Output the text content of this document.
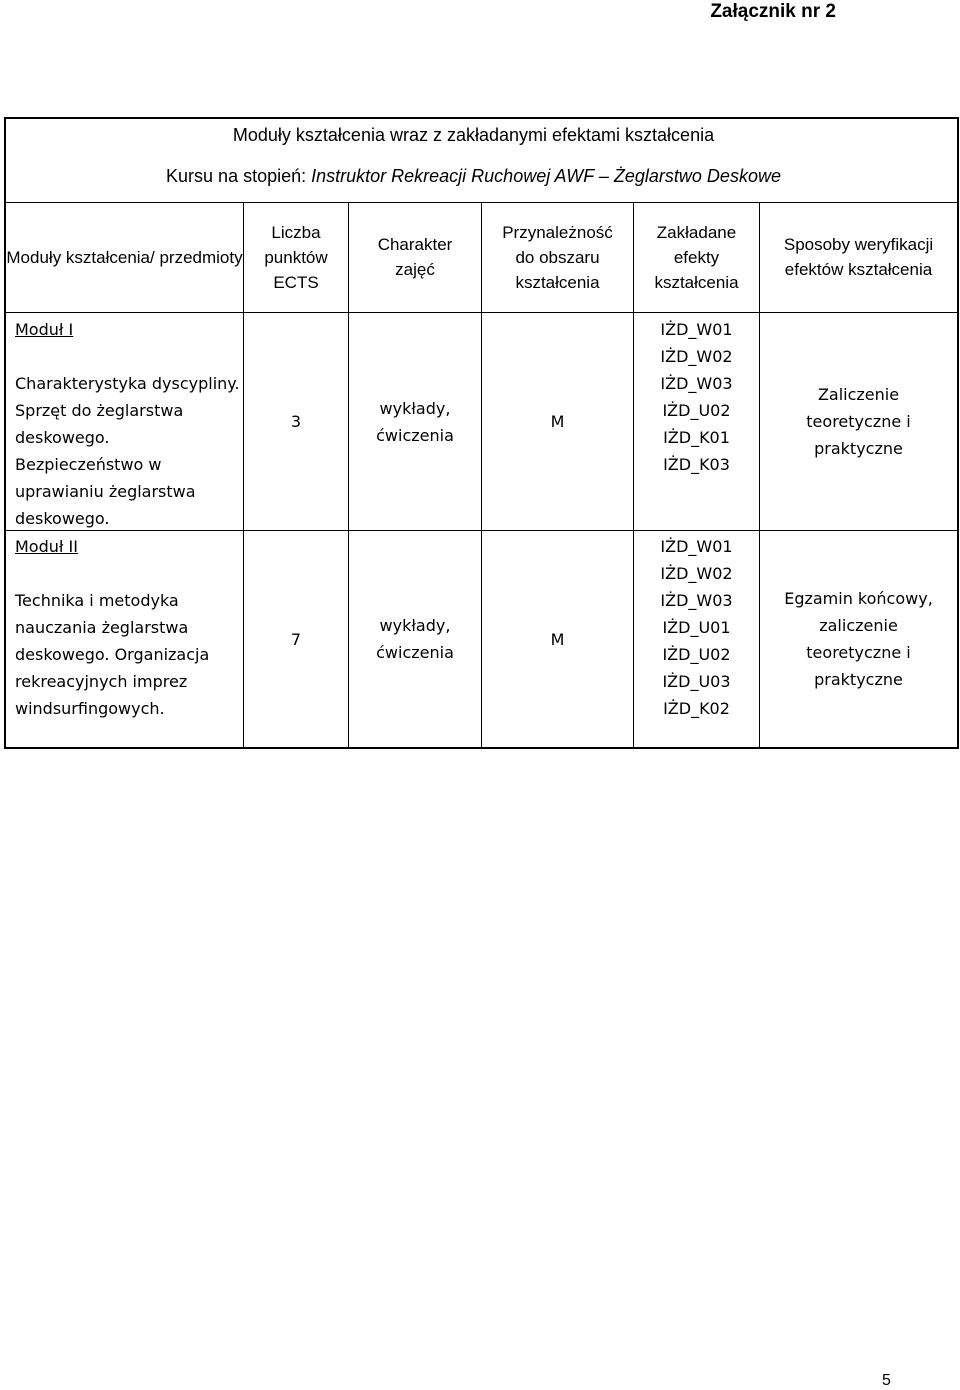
Załącznik nr 2
Moduły kształcenia wraz z zakładanymi efektami kształcenia
Kursu na stopień: Instruktor Rekreacji Ruchowej AWF – Żeglarstwo Deskowe
Moduły kształcenia/ przedmioty
Liczba punktów ECTS
Charakter zajęć
Przynależność do obszaru kształcenia
Zakładane efekty kształcenia
Sposoby weryfikacji efektów kształcenia
Moduł I
Charakterystyka dyscypliny. Sprzęt do żeglarstwa deskowego. Bezpieczeństwo w uprawianiu żeglarstwa deskowego.
3
wykłady, ćwiczenia
M
IŻD_W01
IŻD_W02
IŻD_W03
IŻD_U02
IŻD_K01
IŻD_K03
Zaliczenie teoretyczne i praktyczne
Moduł II
Technika i metodyka nauczania żeglarstwa deskowego. Organizacja rekreacyjnych imprez windsurfingowych.
7
wykłady, ćwiczenia
M
IŻD_W01
IŻD_W02
IŻD_W03
IŻD_U01
IŻD_U02
IŻD_U03
IŻD_K02
Egzamin końcowy, zaliczenie teoretyczne i praktyczne
5
